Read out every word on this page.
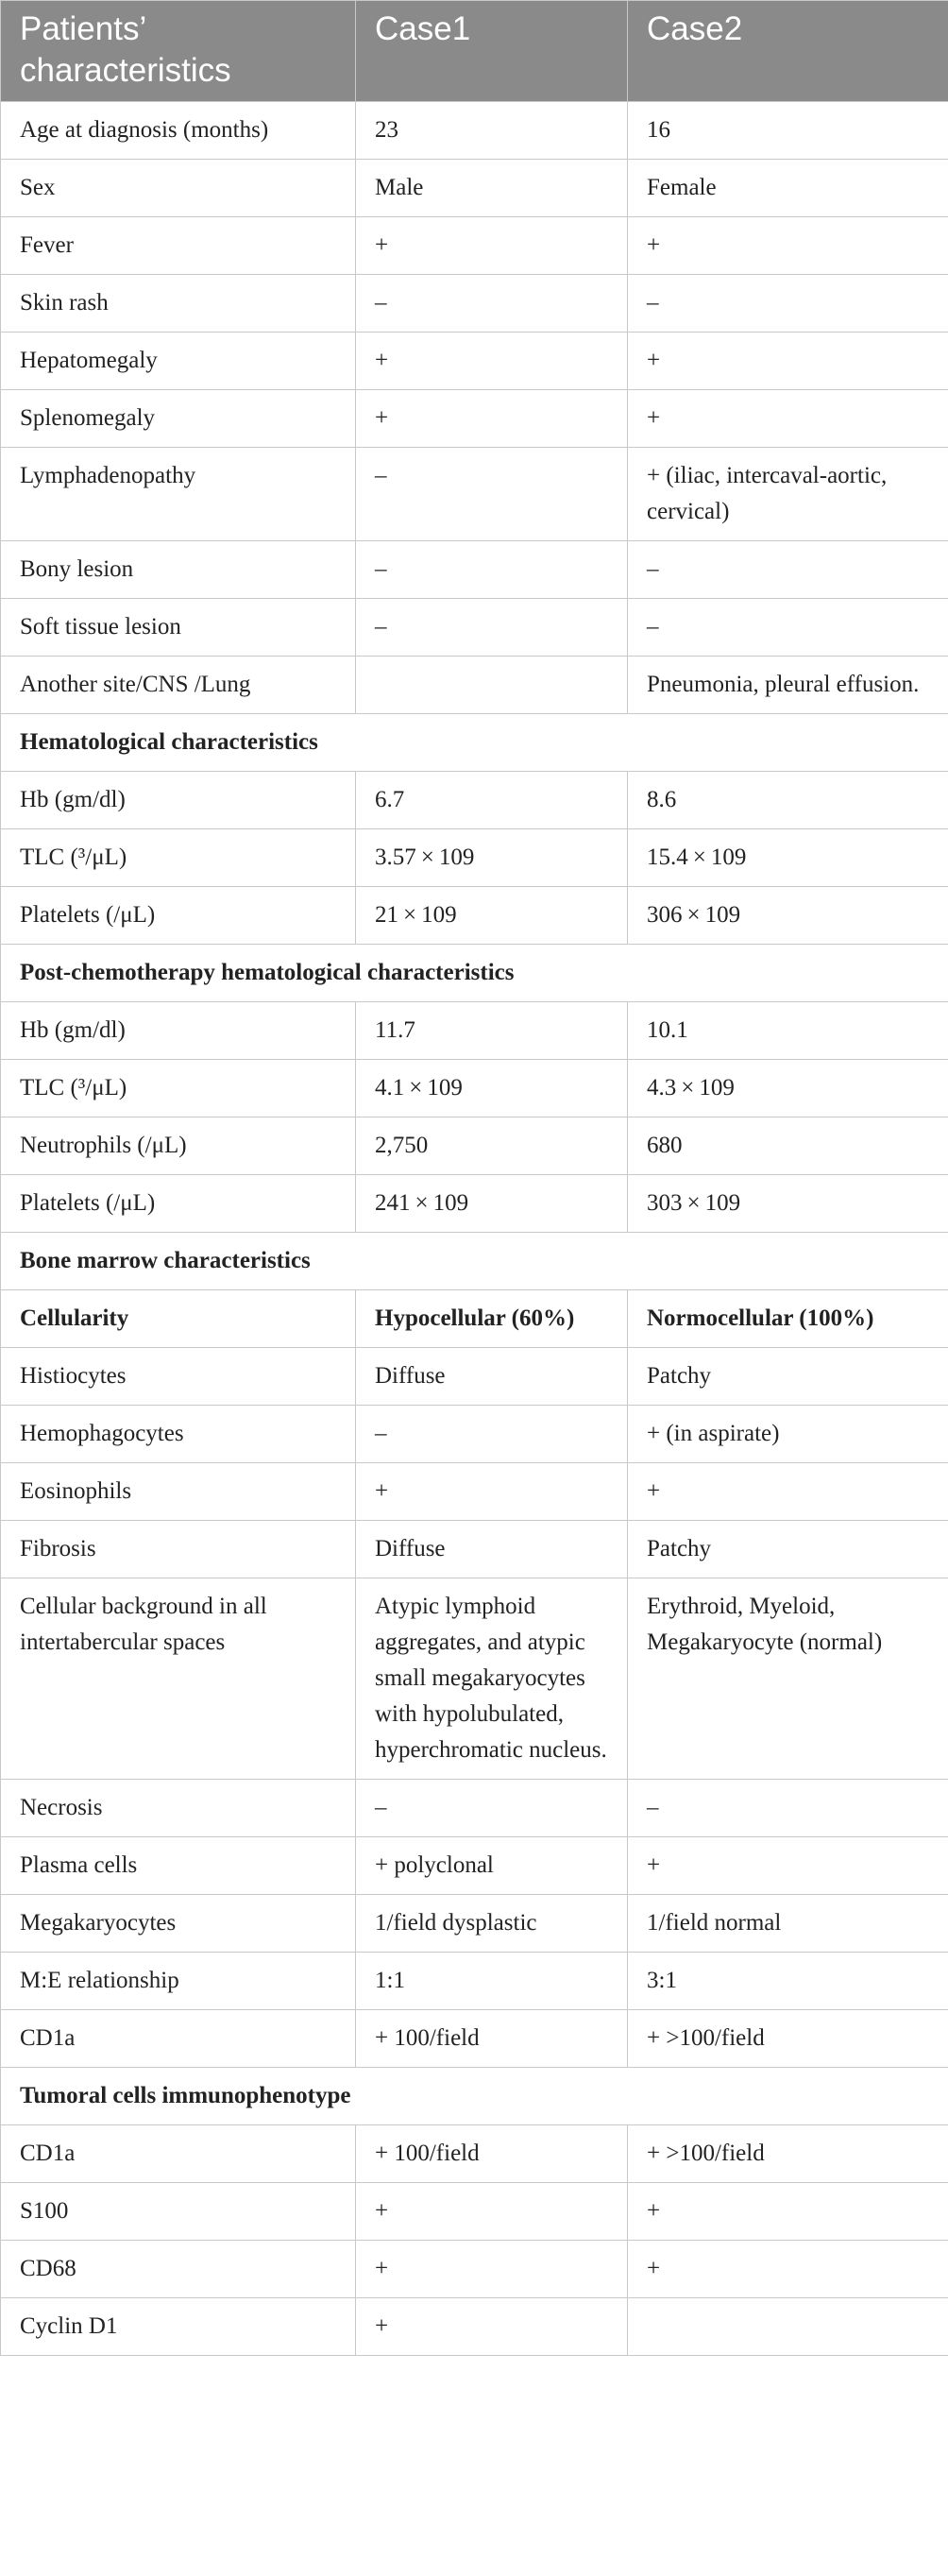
Patients’ characteristics	Case1	Case2
Age at diagnosis (months)	23	16
Sex	Male	Female
Fever	+	+
Skin rash	–	–
Hepatomegaly	+	+
Splenomegaly	+	+
Lymphadenopathy	–	+ (iliac, intercaval-aortic, cervical)
Bony lesion	–	–
Soft tissue lesion	–	–
Another site/CNS /Lung		Pneumonia, pleural effusion.
Hematological characteristics		
Hb (gm/dl)	6.7	8.6
TLC (³/μL)	3.57 × 109	15.4 × 109
Platelets (/μL)	21 × 109	306 × 109
Post-chemotherapy hematological characteristics		
Hb (gm/dl)	11.7	10.1
TLC (³/μL)	4.1 × 109	4.3 × 109
Neutrophils (/μL)	2,750	680
Platelets (/μL)	241 × 109	303 × 109
Bone marrow characteristics		
Cellularity	Hypocellular (60%)	Normocellular (100%)
Histiocytes	Diffuse	Patchy
Hemophagocytes	–	+ (in aspirate)
Eosinophils	+	+
Fibrosis	Diffuse	Patchy
Cellular background in all intertabercular spaces	Atypic lymphoid aggregates, and atypic small megakaryocytes with hypolubulated, hyperchromatic nucleus.	Erythroid, Myeloid, Megakaryocyte (normal)
Necrosis	–	–
Plasma cells	+ polyclonal	+
Megakaryocytes	1/field dysplastic	1/field normal
M:E relationship	1:1	3:1
CD1a	+ 100/field	+ >100/field
Tumoral cells immunophenotype		
CD1a	+ 100/field	+ >100/field
S100	+	+
CD68	+	+
Cyclin D1	+	
